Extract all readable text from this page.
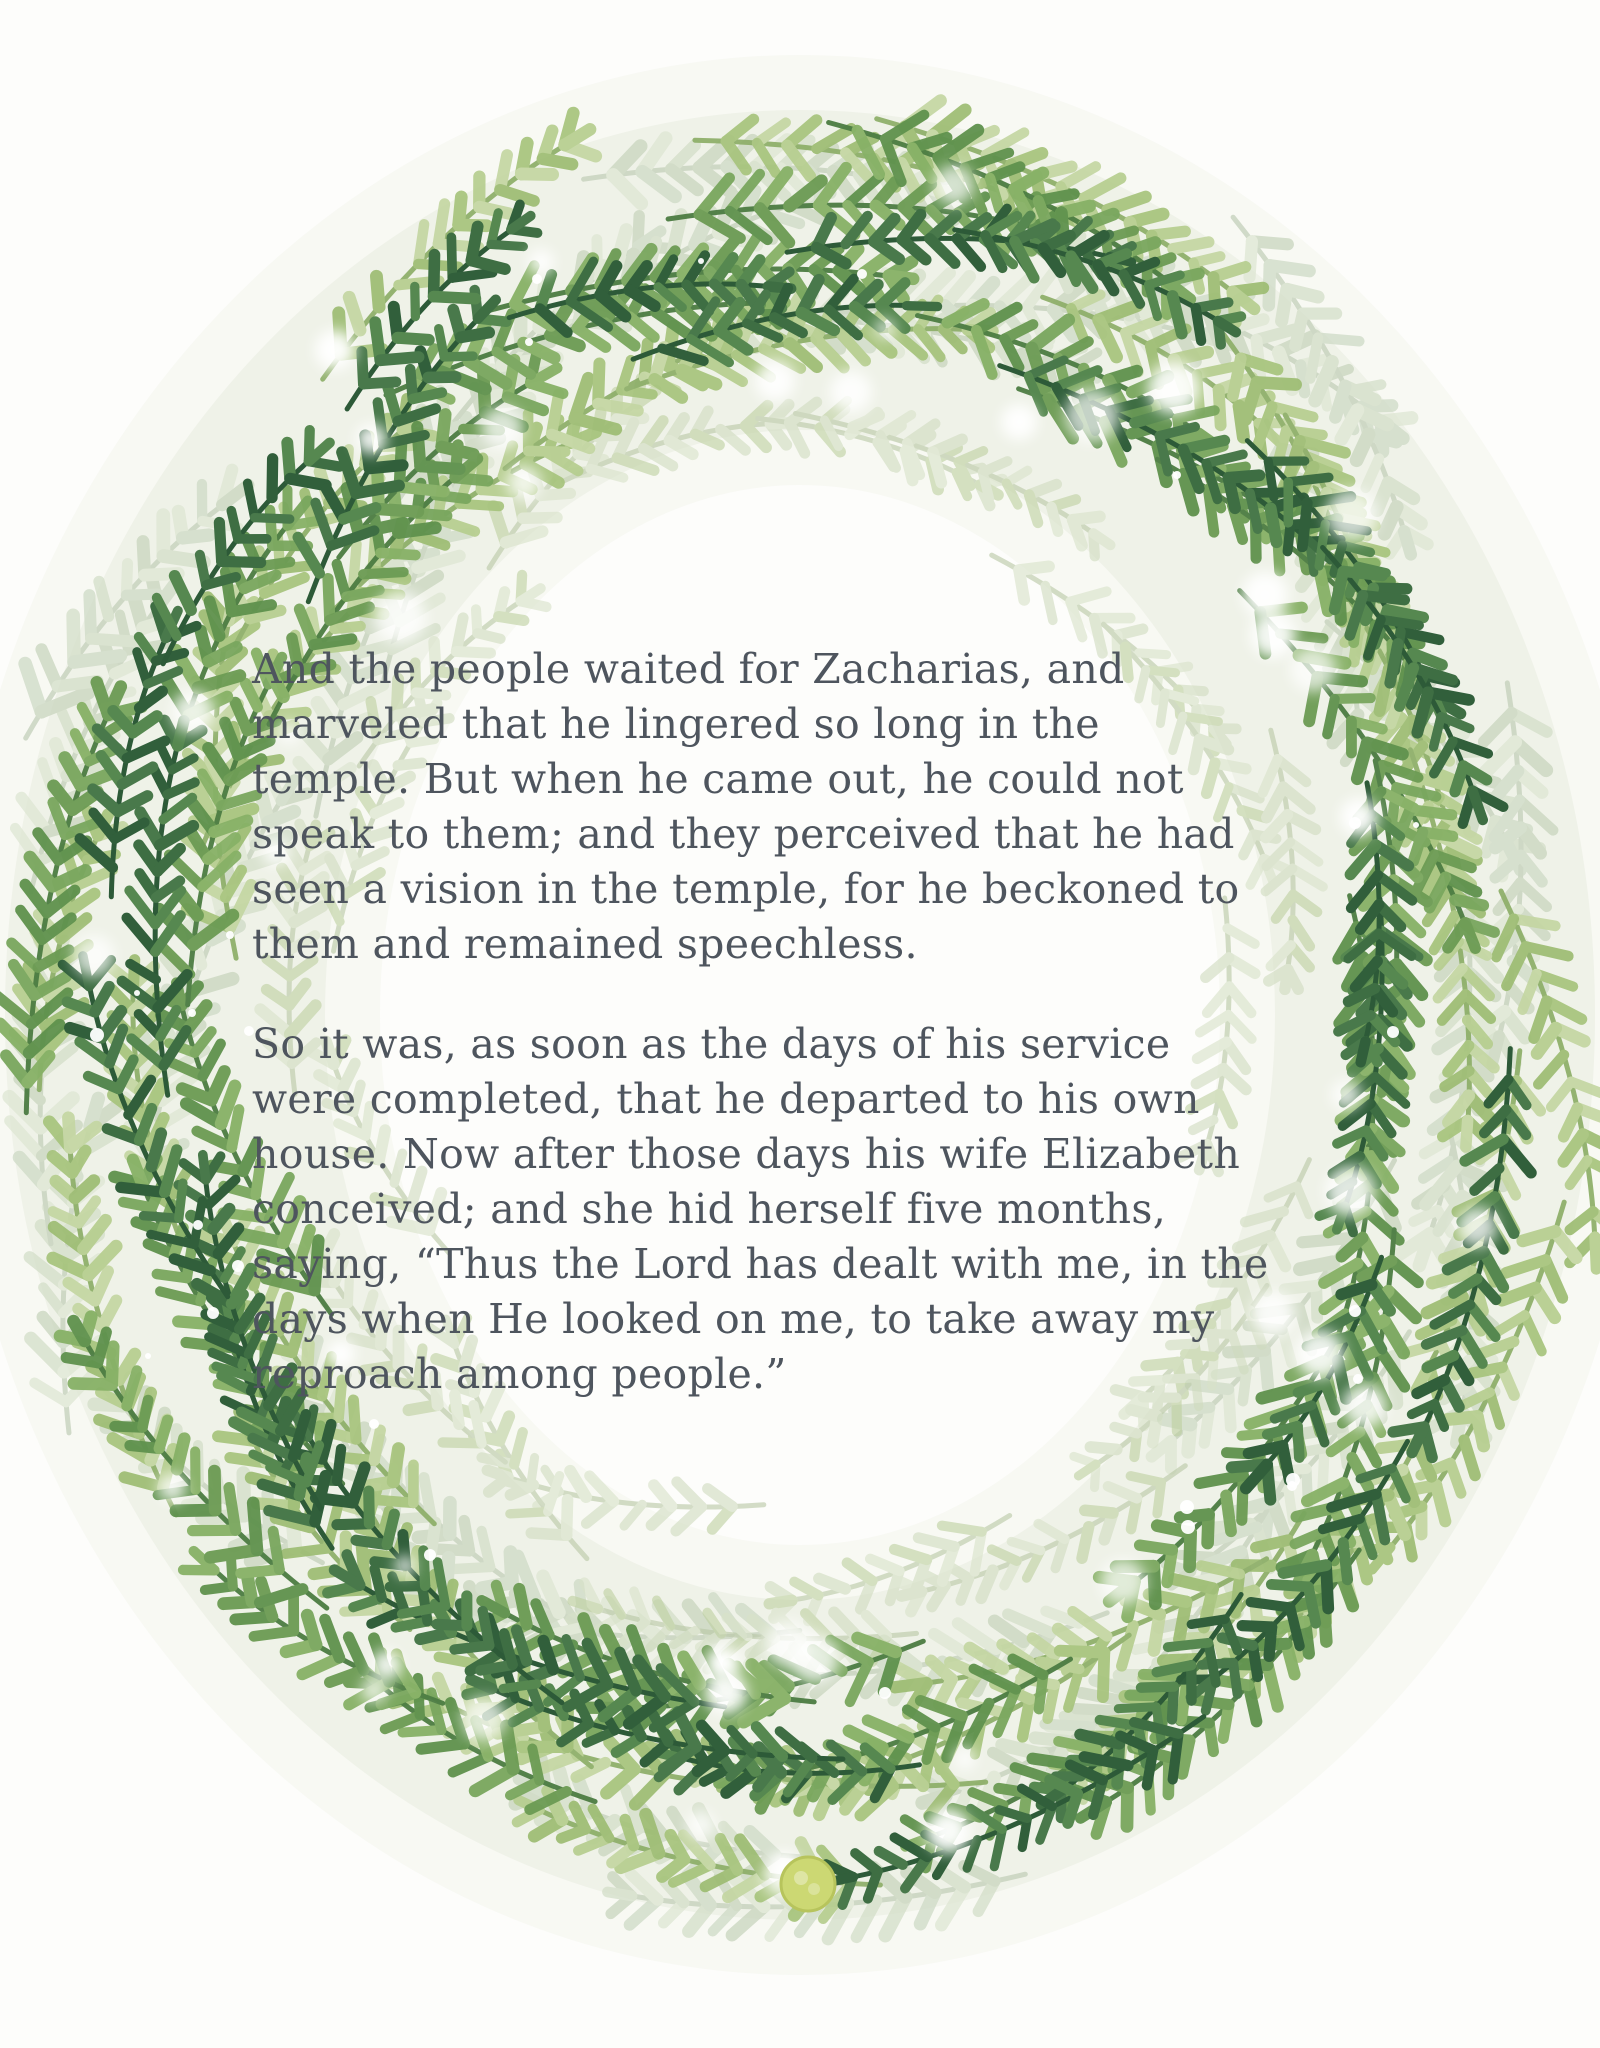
And the people waited for Zacharias, and
marveled that he lingered so long in the
temple. But when he came out, he could not
speak to them; and they perceived that he had
seen a vision in the temple, for he beckoned to
them and remained speechless.
So it was, as soon as the days of his service
were completed, that he departed to his own
house. Now after those days his wife Elizabeth
conceived; and she hid herself five months,
saying, “Thus the Lord has dealt with me, in the
days when He looked on me, to take away my
reproach among people.”
